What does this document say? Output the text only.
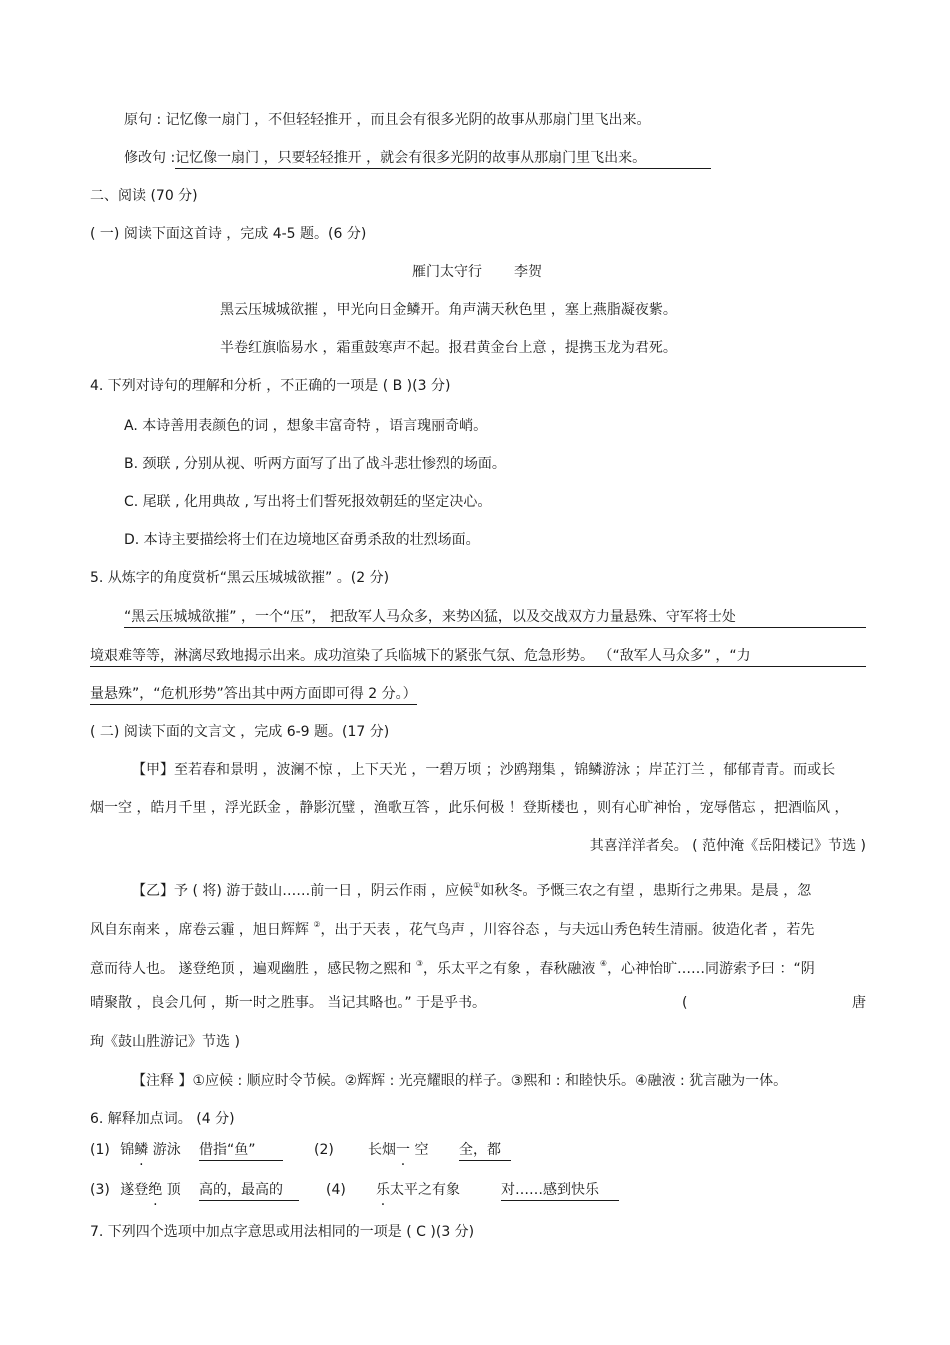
原句 : 记忆像一扇门 ，不但轻轻推开 ，而且会有很多光阴的故事从那扇门里飞出来。
修改句 :记忆像一扇门 ，只要轻轻推开 ，就会有很多光阴的故事从那扇门里飞出来。
二、阅读 (70 分)
( 一) 阅读下面这首诗 ，完成 4-5 题。(6 分)
雁门太守行 李贺
黑云压城城欲摧 ，甲光向日金鳞开。角声满天秋色里 ，塞上燕脂凝夜紫。
半卷红旗临易水 ，霜重鼓寒声不起。报君黄金台上意 ，提携玉龙为君死。
4. 下列对诗句的理解和分析 ，不正确的一项是 ( B )(3 分)
A. 本诗善用表颜色的词 ，想象丰富奇特 ，语言瑰丽奇峭。
B. 颈联 , 分别从视、听两方面写了出了战斗悲壮惨烈的场面。
C. 尾联 , 化用典故 , 写出将士们誓死报效朝廷的坚定决心。
D. 本诗主要描绘将士们在边境地区奋勇杀敌的壮烈场面。
5. 从炼字的角度赏析“黑云压城城欲摧” 。(2 分)
“黑云压城城欲摧” ，一个“压”， 把敌军人马众多，来势凶猛，以及交战双方力量悬殊、守军将士处
境艰难等等，淋漓尽致地揭示出来。成功渲染了兵临城下的紧张气氛、危急形势。 （“敌军人马众多” ，“力
量悬殊”，“危机形势”答出其中两方面即可得 2 分。）
( 二) 阅读下面的文言文 ，完成 6-9 题。(17 分)
【甲】至若春和景明 ，波澜不惊 ，上下天光 ，一碧万顷 ；沙鸥翔集 ，锦鳞游泳 ；岸芷汀兰 ，郁郁青青。而或长
烟一空 ，皓月千里 ，浮光跃金 ，静影沉璧 ，渔歌互答 ，此乐何极 ！登斯楼也 ，则有心旷神怡 ，宠辱偕忘 ，把酒临风 ，
其喜洋洋者矣。 ( 范仲淹《岳阳楼记》节选 )
【乙】予 ( 将) 游于鼓山……前一日 ，阴云作雨 ，应候①如秋冬。予慨三农之有望 ，患斯行之弗果。是晨 ，忽
风自东南来 ，席卷云霾 ，旭日辉辉 ②，出于天表 ，花气鸟声 ，川容谷态 ，与夫远山秀色转生清丽。彼造化者 ，若先
意而待人也。 遂登绝顶 ，遍观幽胜 ，感民物之熙和 ③，乐太平之有象 ，春秋融液 ④，心神怡旷……同游索予曰 ：“阴
晴聚散 ，良会几何 ，斯一时之胜事。 当记其略也。” 于是乎书。	(	唐
珣《鼓山胜游记》节选 )
【注释 】①应候 : 顺应时令节候。②辉辉 : 光亮耀眼的样子。③熙和 : 和睦快乐。④融液 : 犹言融为一体。
6. 解释加点词。 (4 分)
(1) 锦鳞 游泳 借指“鱼”	(2) 长烟一 空 全，都
(3) 遂登绝 顶 高的，最高的	(4) 乐太平之有象	对……感到快乐
7. 下列四个选项中加点字意思或用法相同的一项是 ( C )(3 分)
